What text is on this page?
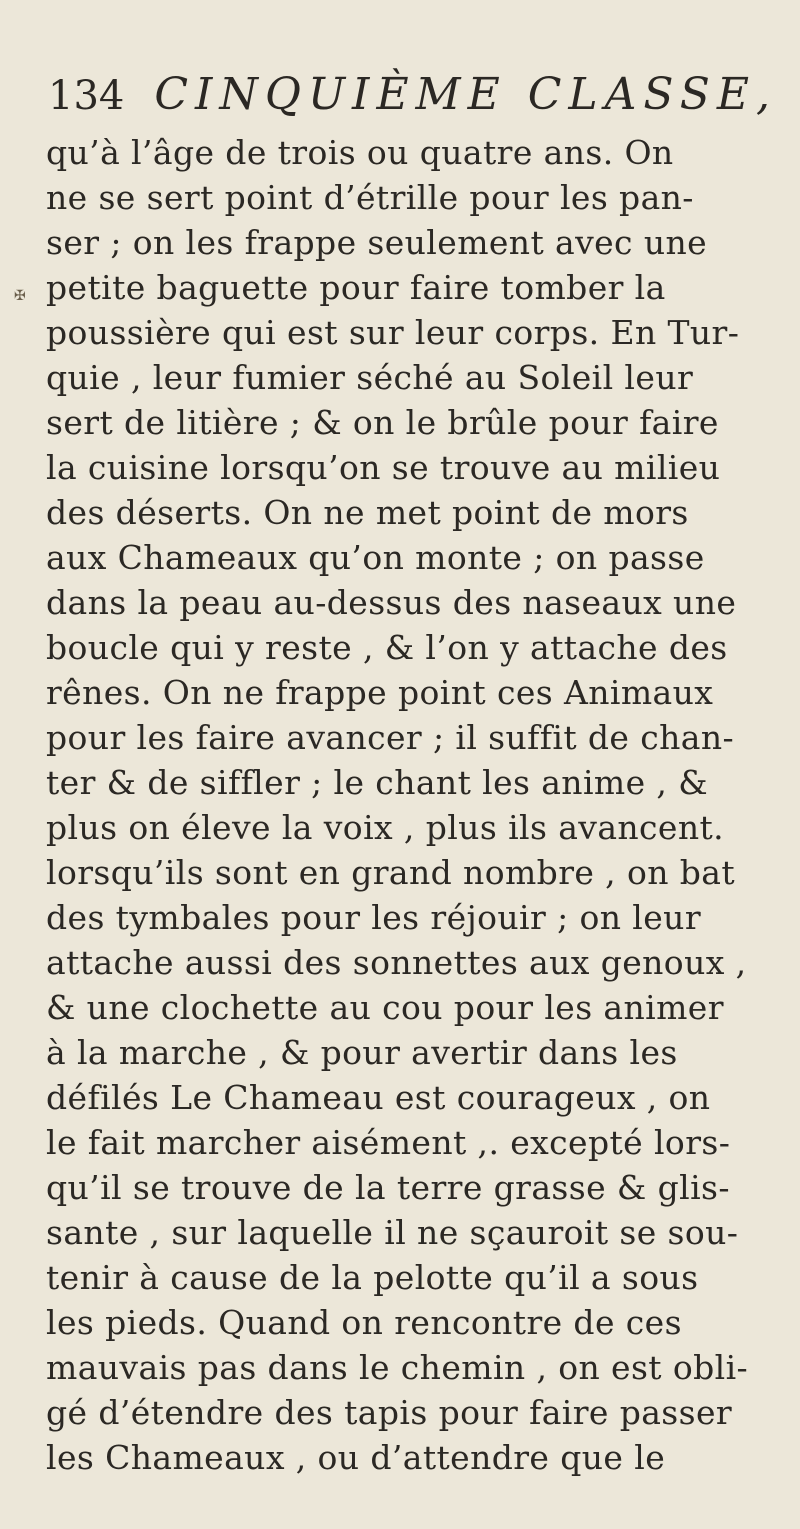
134 CINQUIÈME CLASSE,
✠
qu’à l’âge de trois ou quatre ans. On
ne se sert point d’étrille pour les pan-
ser ; on les frappe seulement avec une
petite baguette pour faire tomber la
poussière qui est sur leur corps. En Tur-
quie , leur fumier séché au Soleil leur
sert de litière ; & on le brûle pour faire
la cuisine lorsqu’on se trouve au milieu
des déserts. On ne met point de mors
aux Chameaux qu’on monte ; on passe
dans la peau au-dessus des naseaux une
boucle qui y reste , & l’on y attache des
rênes. On ne frappe point ces Animaux
pour les faire avancer ; il suffit de chan-
ter & de siffler ; le chant les anime , &
plus on éleve la voix , plus ils avancent.
lorsqu’ils sont en grand nombre , on bat
des tymbales pour les réjouir ; on leur
attache aussi des sonnettes aux genoux ,
& une clochette au cou pour les animer
à la marche , & pour avertir dans les
défilés Le Chameau est courageux , on
le fait marcher aisément ,. excepté lors-
qu’il se trouve de la terre grasse & glis-
sante , sur laquelle il ne sçauroit se sou-
tenir à cause de la pelotte qu’il a sous
les pieds. Quand on rencontre de ces
mauvais pas dans le chemin , on est obli-
gé d’étendre des tapis pour faire passer
les Chameaux , ou d’attendre que le
